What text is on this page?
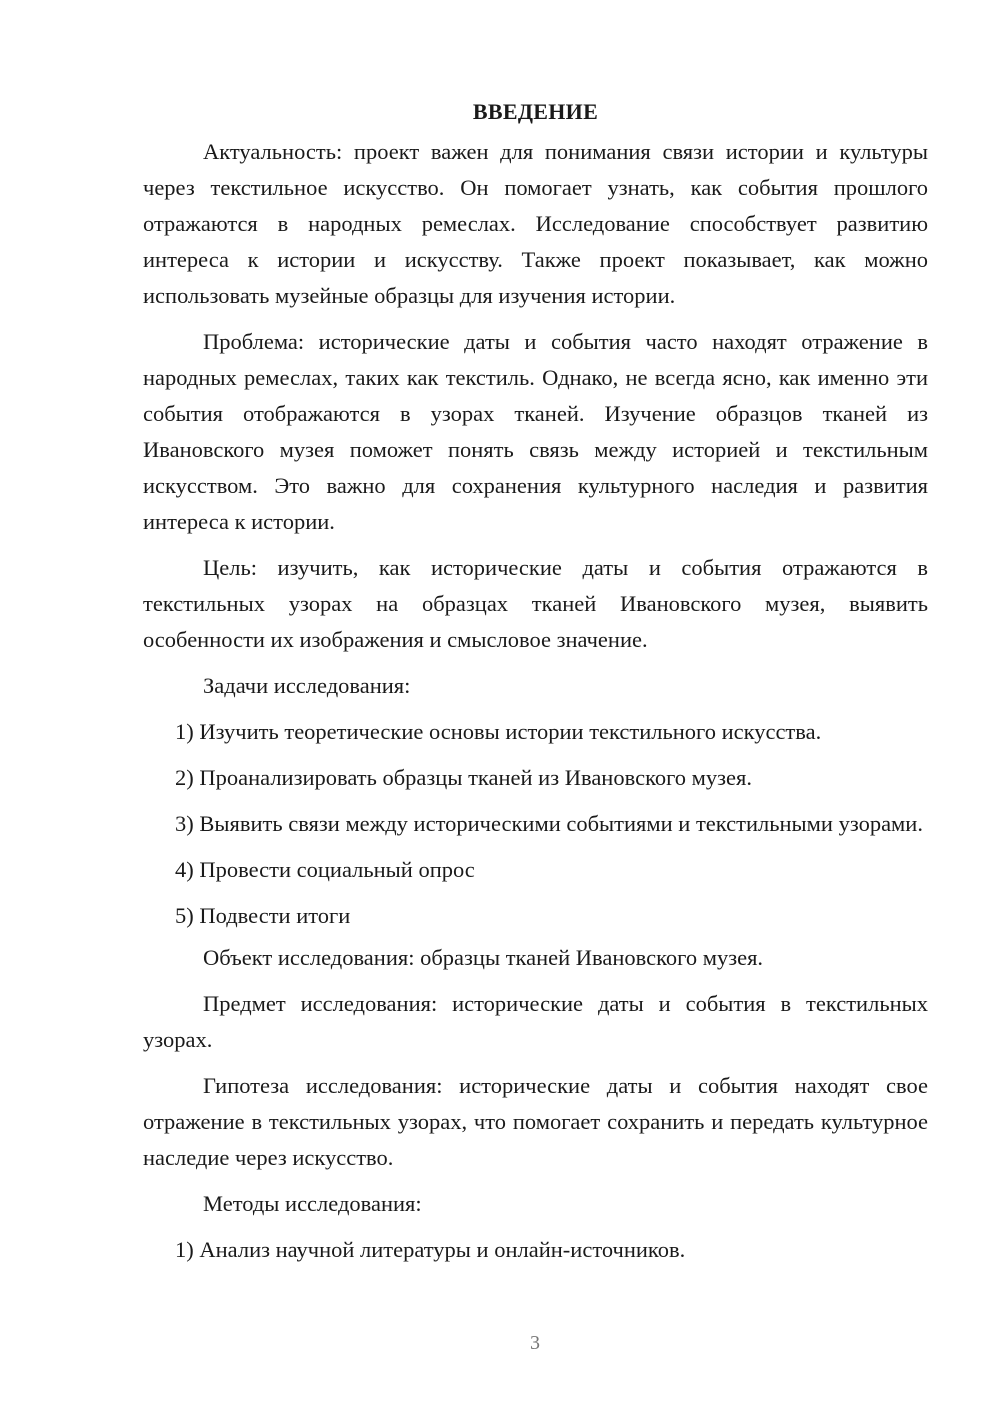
ВВЕДЕНИЕ

Актуальность: проект важен для понимания связи истории и культуры через текстильное искусство. Он помогает узнать, как события прошлого отражаются в народных ремеслах. Исследование способствует развитию интереса к истории и искусству. Также проект показывает, как можно использовать музейные образцы для изучения истории.

Проблема: исторические даты и события часто находят отражение в народных ремеслах, таких как текстиль. Однако, не всегда ясно, как именно эти события отображаются в узорах тканей. Изучение образцов тканей из Ивановского музея поможет понять связь между историей и текстильным искусством. Это важно для сохранения культурного наследия и развития интереса к истории.

Цель: изучить, как исторические даты и события отражаются в текстильных узорах на образцах тканей Ивановского музея, выявить особенности их изображения и смысловое значение.

Задачи исследования:

1) Изучить теоретические основы истории текстильного искусства.

2) Проанализировать образцы тканей из Ивановского музея.

3) Выявить связи между историческими событиями и текстильными узорами.

4) Провести социальный опрос

5) Подвести итоги

Объект исследования: образцы тканей Ивановского музея.

Предмет исследования: исторические даты и события в текстильных узорах.

Гипотеза исследования: исторические даты и события находят свое отражение в текстильных узорах, что помогает сохранить и передать культурное наследие через искусство.

Методы исследования:

1) Анализ научной литературы и онлайн-источников.

3
